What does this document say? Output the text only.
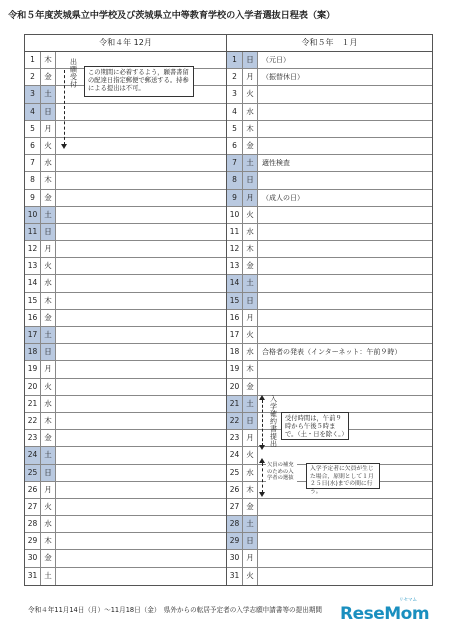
令和５年度茨城県立中学校及び茨城県立中等教育学校の入学者選抜日程表（案）
令和４年 12月
1	木
2	金
3	土
4	日
5	月
6	火
7	水
8	木
9	金
10 土
11 日
12 月
13 火
14 水
15 木
16 金
17 土
18 日
19 月
20 火
21 水
22 木
23 金
24 土
25 日
26 月
27 火
28 水
29 木
30 金
31 土
令和５年　１月
1	日	（元日）
2	月	（振替休日）
3	火
4	水
5	木
6	金
7	土	適性検査
8	日
9	月	（成人の日）
10 火
11 水
12 木
13 金
14 土
15 日
16 月
17 火
18 水	合格者の発表（インターネット：午前９時）
19 木
20 金
21 土
22 日
23 月
24 火
25 水
26 木
27 金
28 土
29 日
30 月
31 火
出願受付	この期間に必着するよう，願書書留の配達日指定郵便で郵送する。持参による提出は不可。
入学確約書提出	受付時間は，午前９時から午後５時まで。（土・日を除く。）
欠員の補充のための入学者の選抜
入学予定者に欠員が生じた場合，原則として１月２５日(水)までの間に行う。
令和４年11月14日（月）～11月18日（金）　県外からの転居予定者の入学志願申請書等の提出期間
リセマム
ReseMom
